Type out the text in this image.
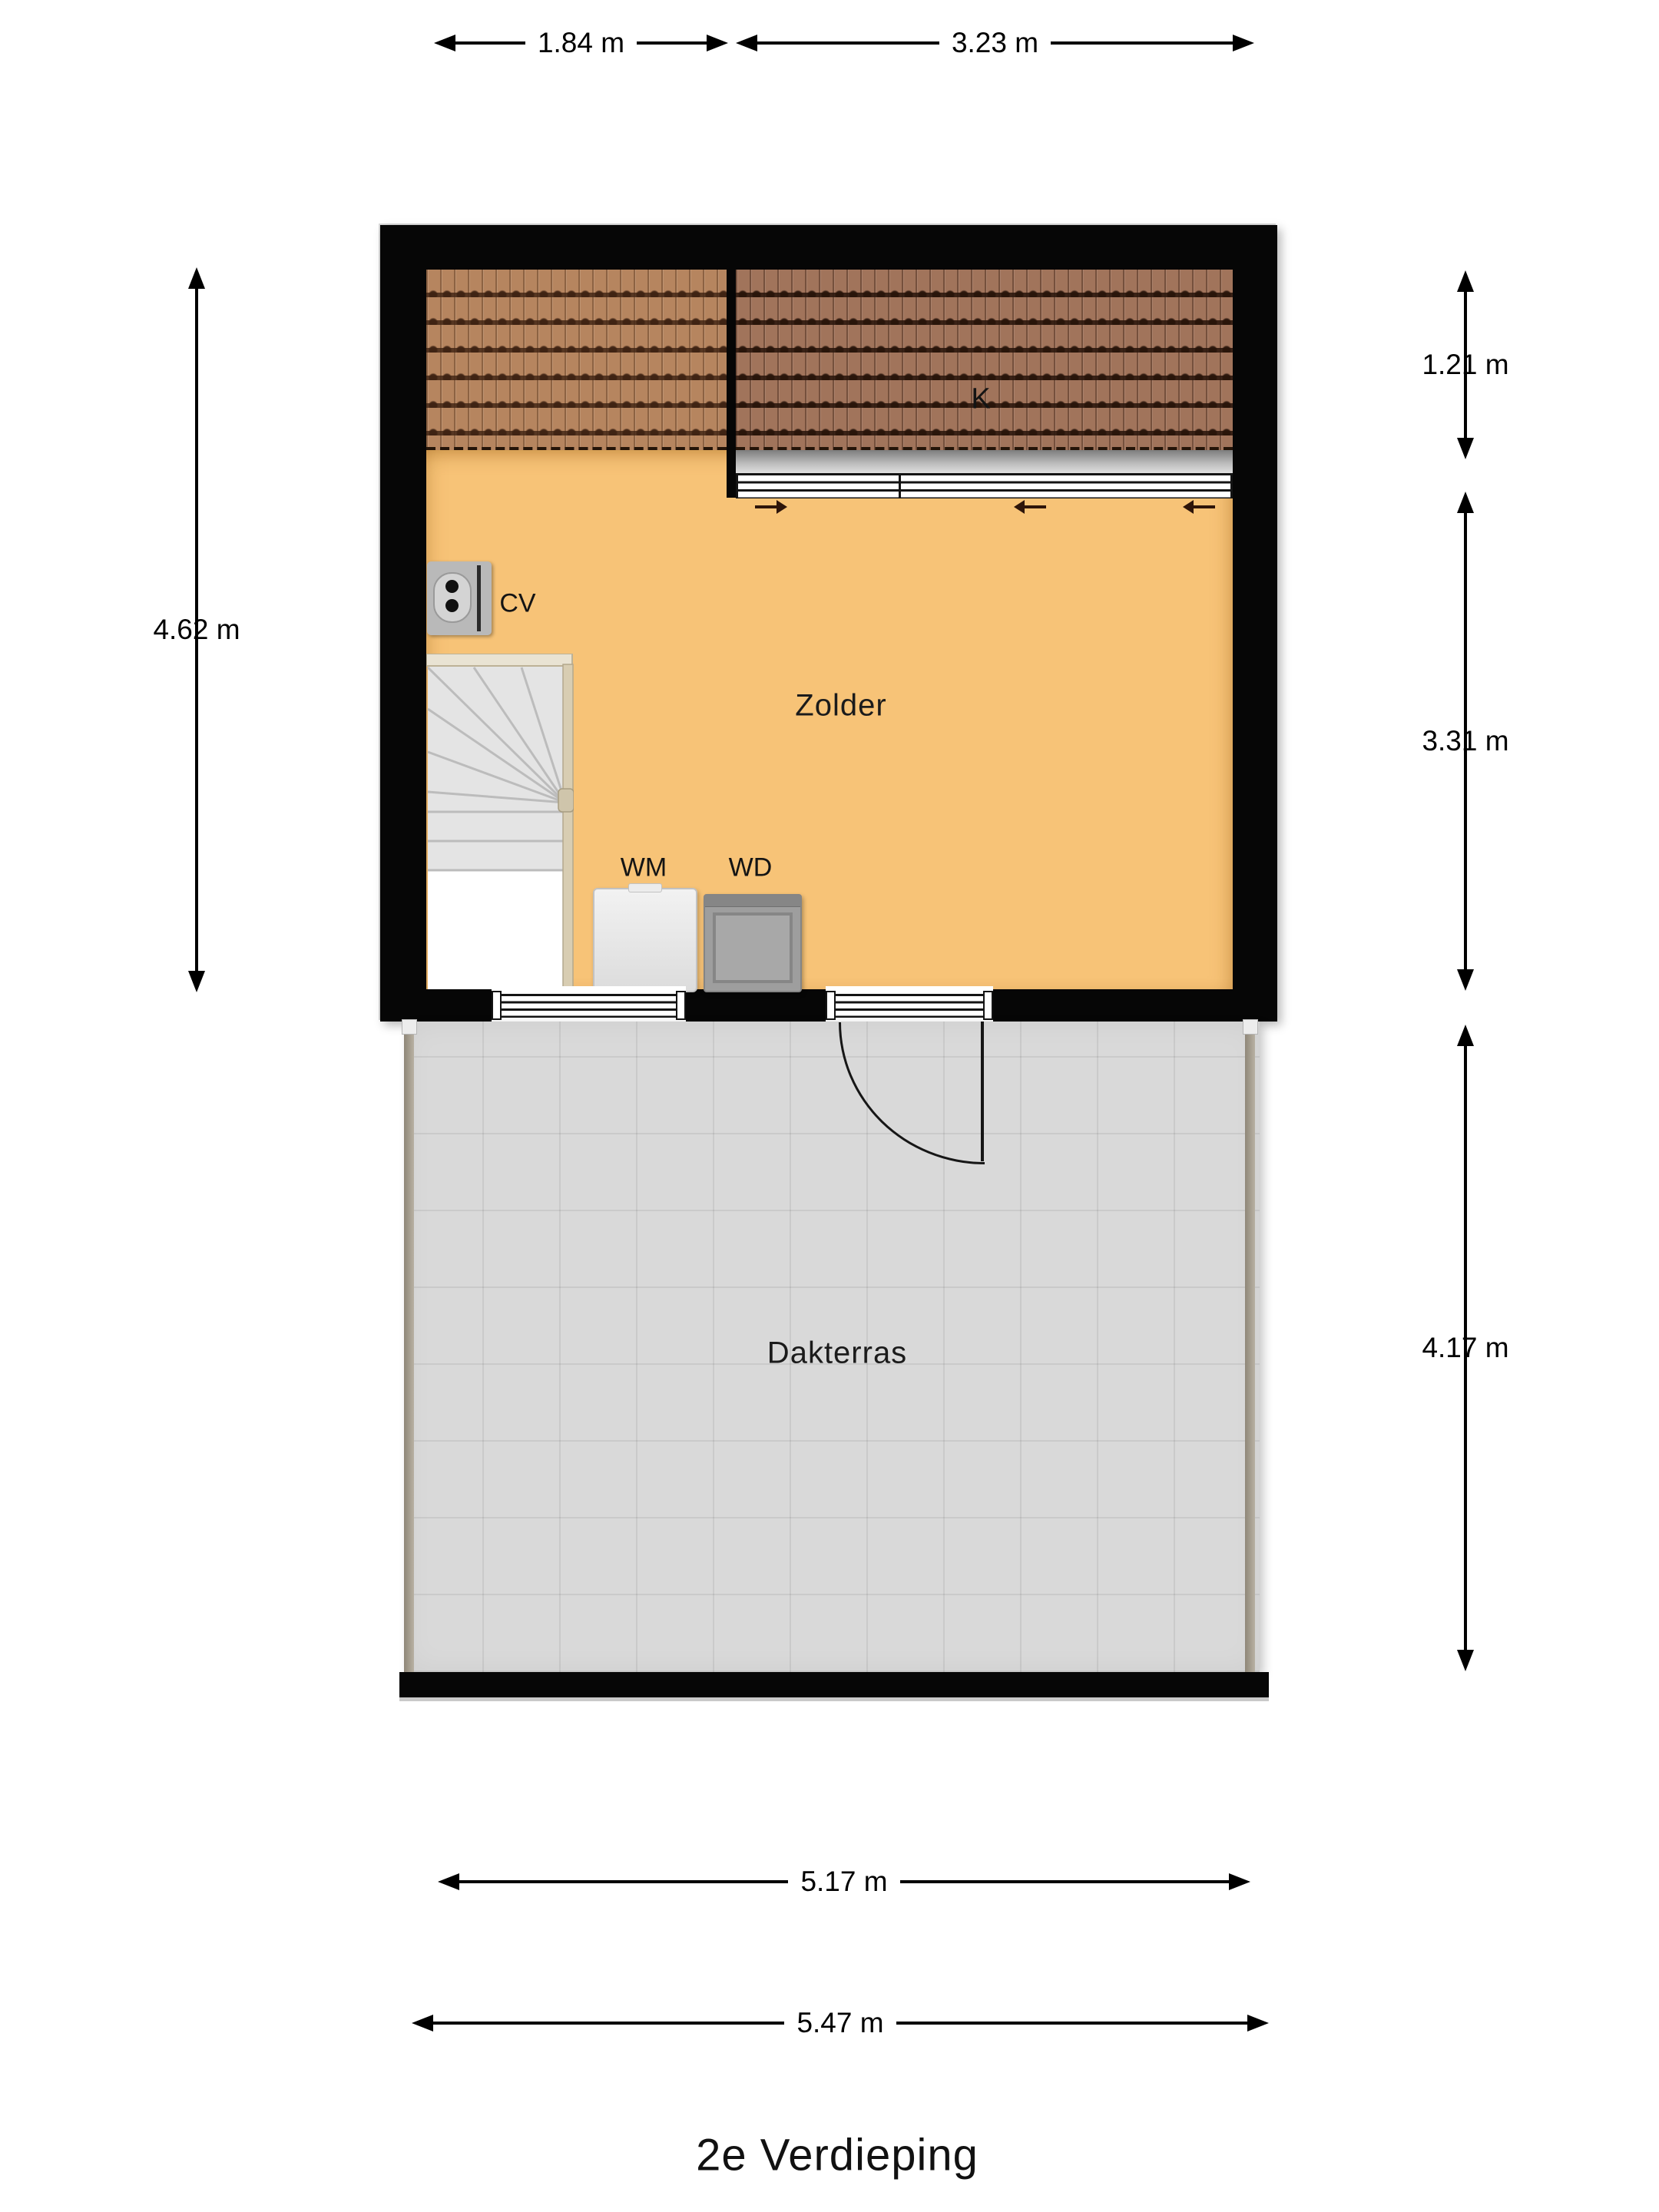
1.84 m	3.23 m
4.62 m
1.21 m
3.31 m
4.17 m
K
CV
Zolder
WM WD
Dakterras
5.17 m
5.47 m
2e Verdieping
